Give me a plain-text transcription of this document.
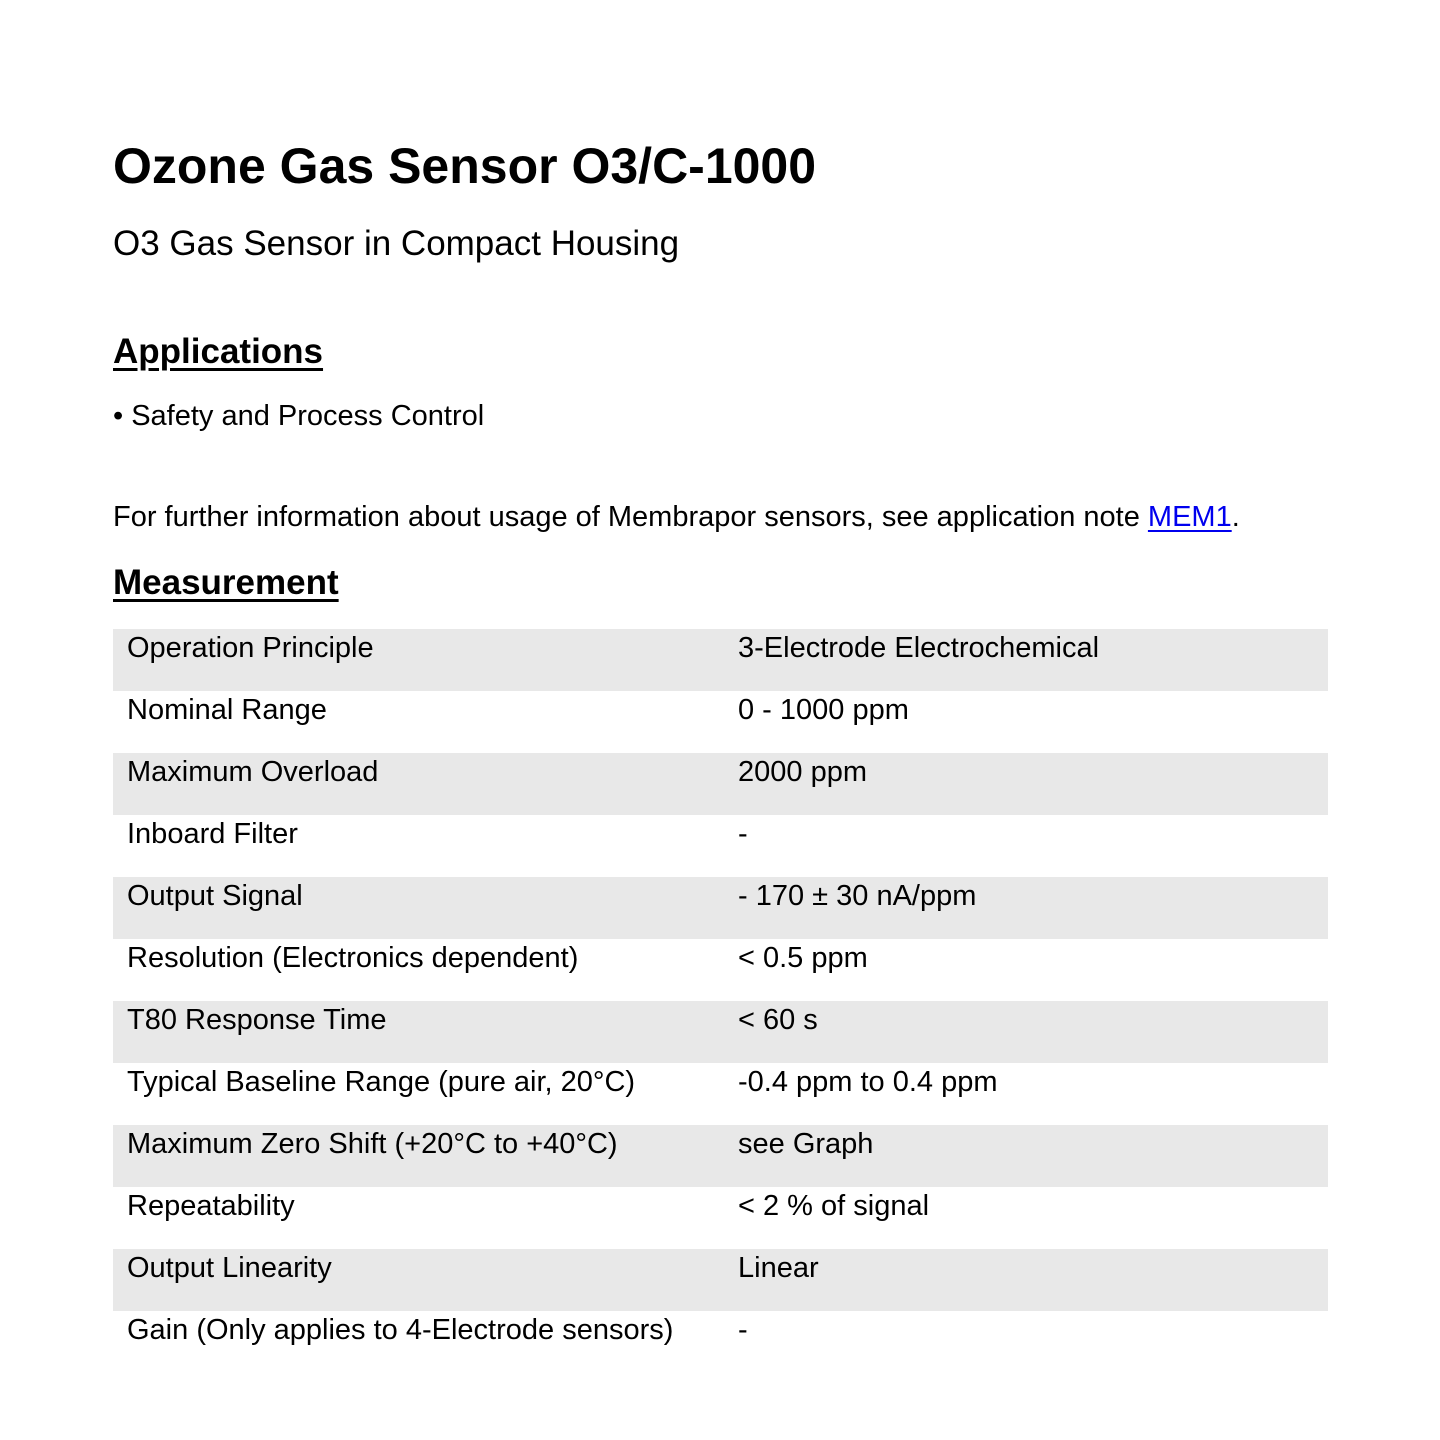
Ozone Gas Sensor O3/C-1000

O3 Gas Sensor in Compact Housing

Applications

• Safety and Process Control

For further information about usage of Membrapor sensors, see application note MEM1.

Measurement
Operation Principle	3-Electrode Electrochemical
Nominal Range	0 - 1000 ppm
Maximum Overload	2000 ppm
Inboard Filter	-
Output Signal	- 170 ± 30 nA/ppm
Resolution (Electronics dependent)	< 0.5 ppm
T80 Response Time	< 60 s
Typical Baseline Range (pure air, 20°C)	-0.4 ppm to 0.4 ppm
Maximum Zero Shift (+20°C to +40°C)	see Graph
Repeatability	< 2 % of signal
Output Linearity	Linear
Gain (Only applies to 4-Electrode sensors)	-
